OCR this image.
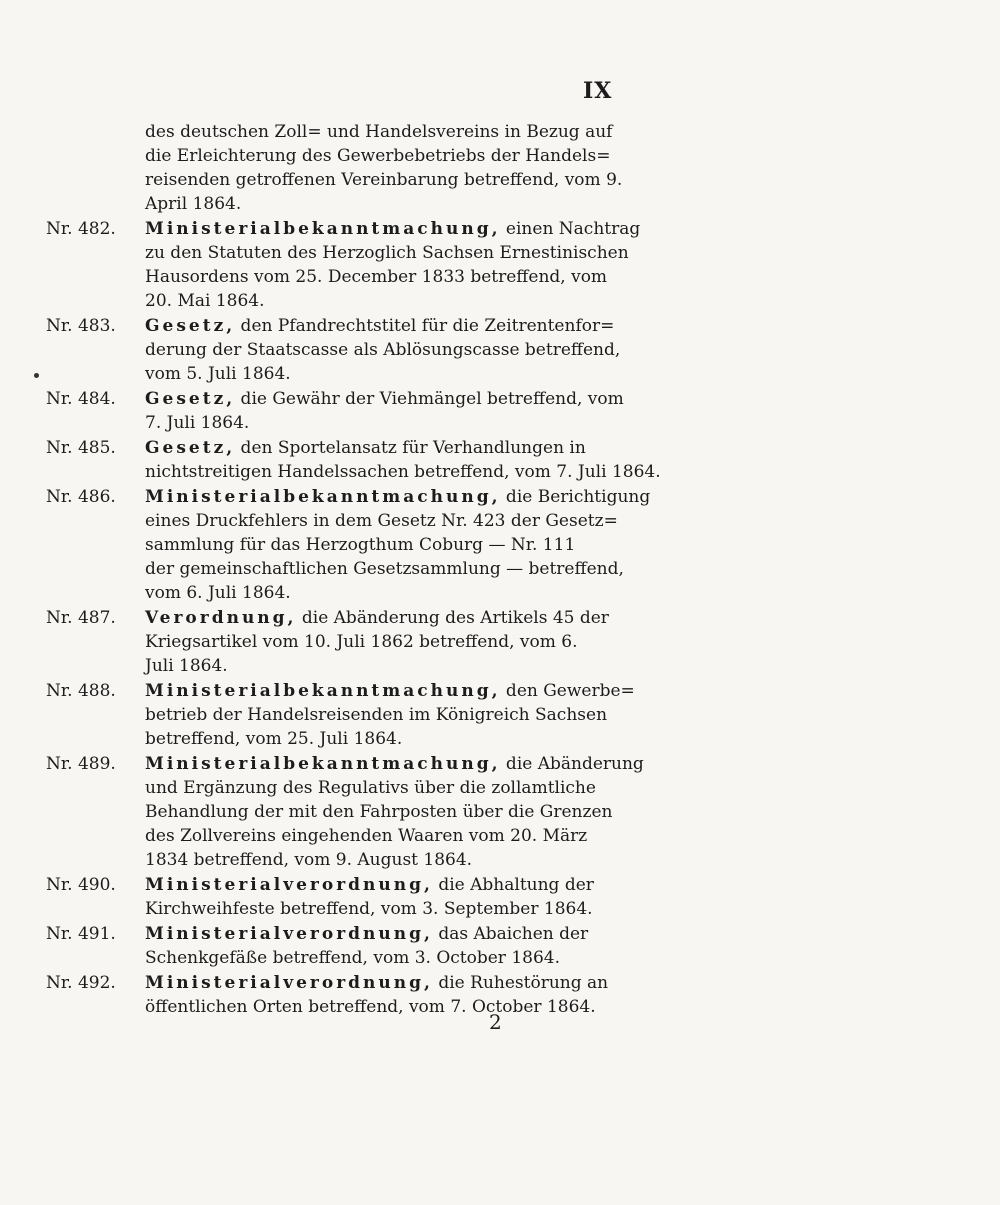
IX
des deutschen Zoll= und Handelsvereins in Bezug auf
die Erleichterung des Gewerbebetriebs der Handels=
reisenden getroffenen Vereinbarung betreffend, vom 9.
April 1864.
Nr. 482.	Ministerialbekanntmachung, einen Nachtrag
zu den Statuten des Herzoglich Sachsen Ernestinischen
Hausordens vom 25. December 1833 betreffend, vom
20. Mai 1864.
Nr. 483.	Gesetz, den Pfandrechtstitel für die Zeitrentenfor=
derung der Staatscasse als Ablösungscasse betreffend,
vom 5. Juli 1864.
Nr. 484.	Gesetz, die Gewähr der Viehmängel betreffend, vom
7. Juli 1864.
Nr. 485.	Gesetz, den Sportelansatz für Verhandlungen in
nichtstreitigen Handelssachen betreffend, vom 7. Juli 1864.
Nr. 486.	Ministerialbekanntmachung, die Berichtigung
eines Druckfehlers in dem Gesetz Nr. 423 der Gesetz=
sammlung für das Herzogthum Coburg — Nr. 111
der gemeinschaftlichen Gesetzsammlung — betreffend,
vom 6. Juli 1864.
Nr. 487.	Verordnung, die Abänderung des Artikels 45 der
Kriegsartikel vom 10. Juli 1862 betreffend, vom 6.
Juli 1864.
Nr. 488.	Ministerialbekanntmachung, den Gewerbe=
betrieb der Handelsreisenden im Königreich Sachsen
betreffend, vom 25. Juli 1864.
Nr. 489.	Ministerialbekanntmachung, die Abänderung
und Ergänzung des Regulativs über die zollamtliche
Behandlung der mit den Fahrposten über die Grenzen
des Zollvereins eingehenden Waaren vom 20. März
1834 betreffend, vom 9. August 1864.
Nr. 490.	Ministerialverordnung, die Abhaltung der
Kirchweihfeste betreffend, vom 3. September 1864.
Nr. 491.	Ministerialverordnung, das Abaichen der
Schenkgefäße betreffend, vom 3. October 1864.
Nr. 492.	Ministerialverordnung, die Ruhestörung an
öffentlichen Orten betreffend, vom 7. October 1864.
2
